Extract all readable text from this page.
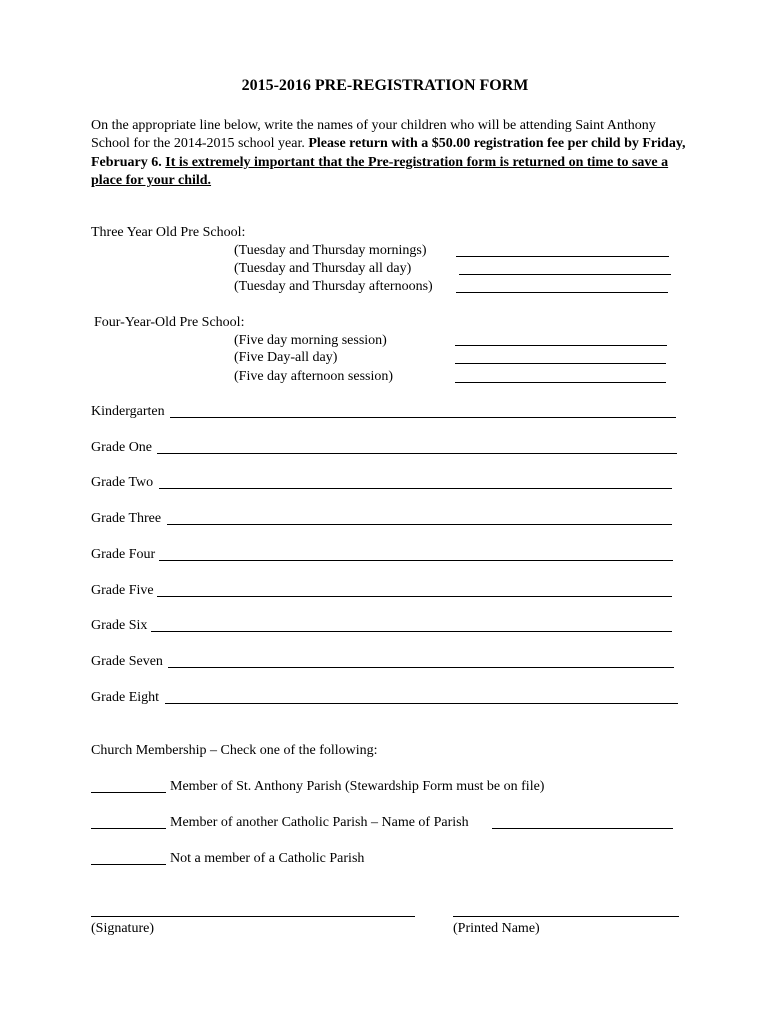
2015-2016 PRE-REGISTRATION FORM
On the appropriate line below, write the names of your children who will be attending Saint Anthony School for the 2014-2015 school year. Please return with a $50.00 registration fee per child by Friday, February 6. It is extremely important that the Pre-registration form is returned on time to save a place for your child.
Three Year Old Pre School:
(Tuesday and Thursday mornings)
(Tuesday and Thursday all day)
(Tuesday and Thursday afternoons)
Four-Year-Old Pre School:
(Five day morning session)
(Five Day-all day)
(Five day afternoon session)
Kindergarten
Grade One
Grade Two
Grade Three
Grade Four
Grade Five
Grade Six
Grade Seven
Grade Eight
Church Membership – Check one of the following:
Member of St. Anthony Parish (Stewardship Form must be on file)
Member of another Catholic Parish – Name of Parish
Not a member of a Catholic Parish
(Signature)	(Printed Name)
